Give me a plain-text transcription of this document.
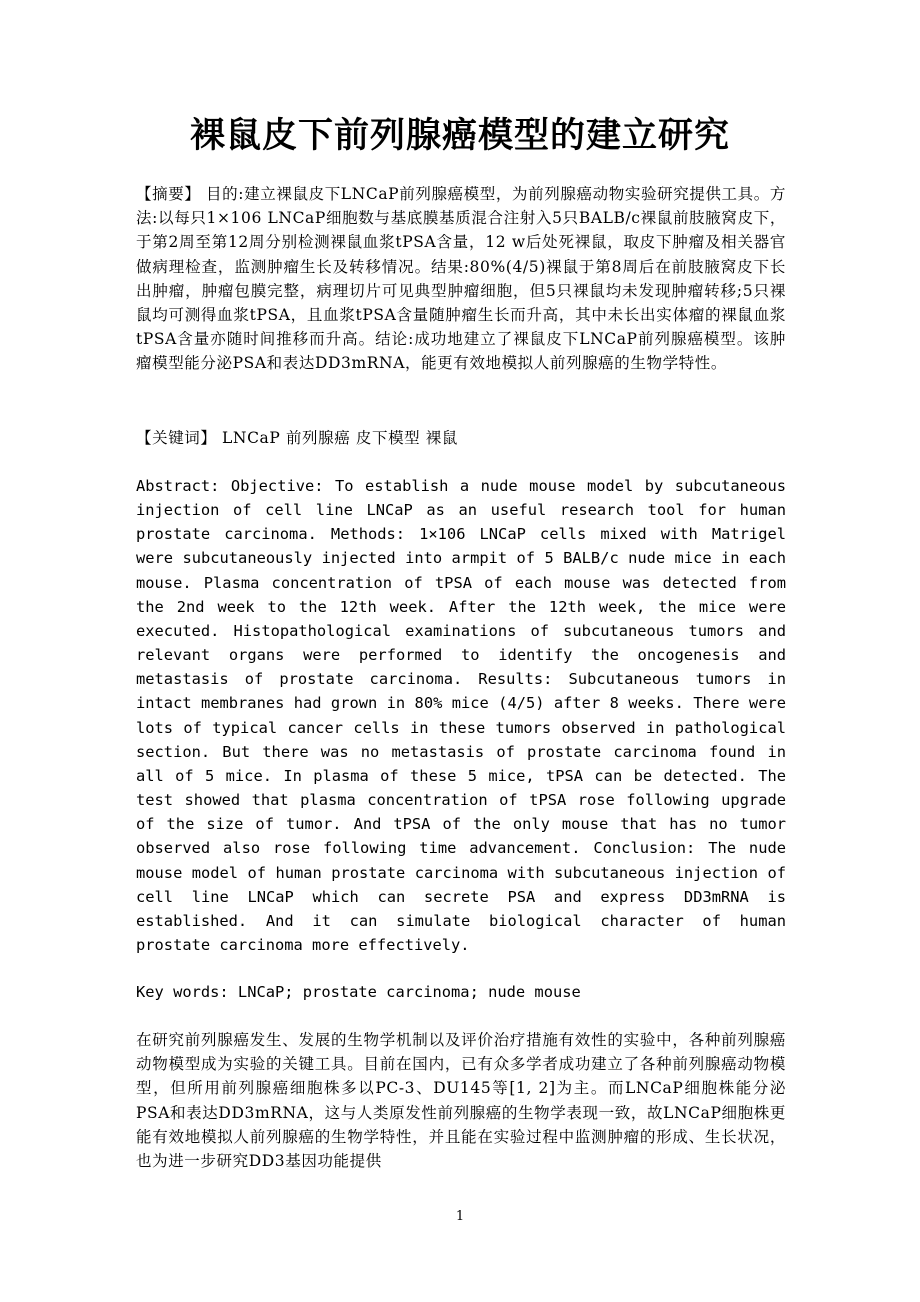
裸鼠皮下前列腺癌模型的建立研究

【摘要】 目的:建立裸鼠皮下LNCaP前列腺癌模型，为前列腺癌动物实验研究提供工具。方法:以每只1×106 LNCaP细胞数与基底膜基质混合注射入5只BALB/c裸鼠前肢腋窝皮下，于第2周至第12周分别检测裸鼠血浆tPSA含量，12 w后处死裸鼠，取皮下肿瘤及相关器官做病理检查，监测肿瘤生长及转移情况。结果:80%(4/5)裸鼠于第8周后在前肢腋窝皮下长出肿瘤，肿瘤包膜完整，病理切片可见典型肿瘤细胞，但5只裸鼠均未发现肿瘤转移;5只裸鼠均可测得血浆tPSA，且血浆tPSA含量随肿瘤生长而升高，其中未长出实体瘤的裸鼠血浆tPSA含量亦随时间推移而升高。结论:成功地建立了裸鼠皮下LNCaP前列腺癌模型。该肿瘤模型能分泌PSA和表达DD3mRNA，能更有效地模拟人前列腺癌的生物学特性。

【关键词】 LNCaP 前列腺癌 皮下模型 裸鼠

Abstract: Objective: To establish a nude mouse model by subcutaneous injection of cell line LNCaP as an useful research tool for human prostate carcinoma. Methods: 1×106 LNCaP cells mixed with Matrigel were subcutaneously injected into armpit of 5 BALB/c nude mice in each mouse. Plasma concentration of tPSA of each mouse was detected from the 2nd week to the 12th week. After the 12th week, the mice were executed. Histopathological examinations of subcutaneous tumors and relevant organs were performed to identify the oncogenesis and metastasis of prostate carcinoma. Results: Subcutaneous tumors in intact membranes had grown in 80% mice (4/5) after 8 weeks. There were lots of typical cancer cells in these tumors observed in pathological section. But there was no metastasis of prostate carcinoma found in all of 5 mice. In plasma of these 5 mice, tPSA can be detected. The test showed that plasma concentration of tPSA rose following upgrade of the size of tumor. And tPSA of the only mouse that has no tumor observed also rose following time advancement. Conclusion: The nude mouse model of human prostate carcinoma with subcutaneous injection of cell line LNCaP which can secrete PSA and express DD3mRNA is established. And it can simulate biological character of human prostate carcinoma more effectively.

Key words: LNCaP; prostate carcinoma; nude mouse

在研究前列腺癌发生、发展的生物学机制以及评价治疗措施有效性的实验中，各种前列腺癌动物模型成为实验的关键工具。目前在国内，已有众多学者成功建立了各种前列腺癌动物模型，但所用前列腺癌细胞株多以PC-3、DU145等[1, 2]为主。而LNCaP细胞株能分泌PSA和表达DD3mRNA，这与人类原发性前列腺癌的生物学表现一致，故LNCaP细胞株更能有效地模拟人前列腺癌的生物学特性，并且能在实验过程中监测肿瘤的形成、生长状况，也为进一步研究DD3基因功能提供

1
